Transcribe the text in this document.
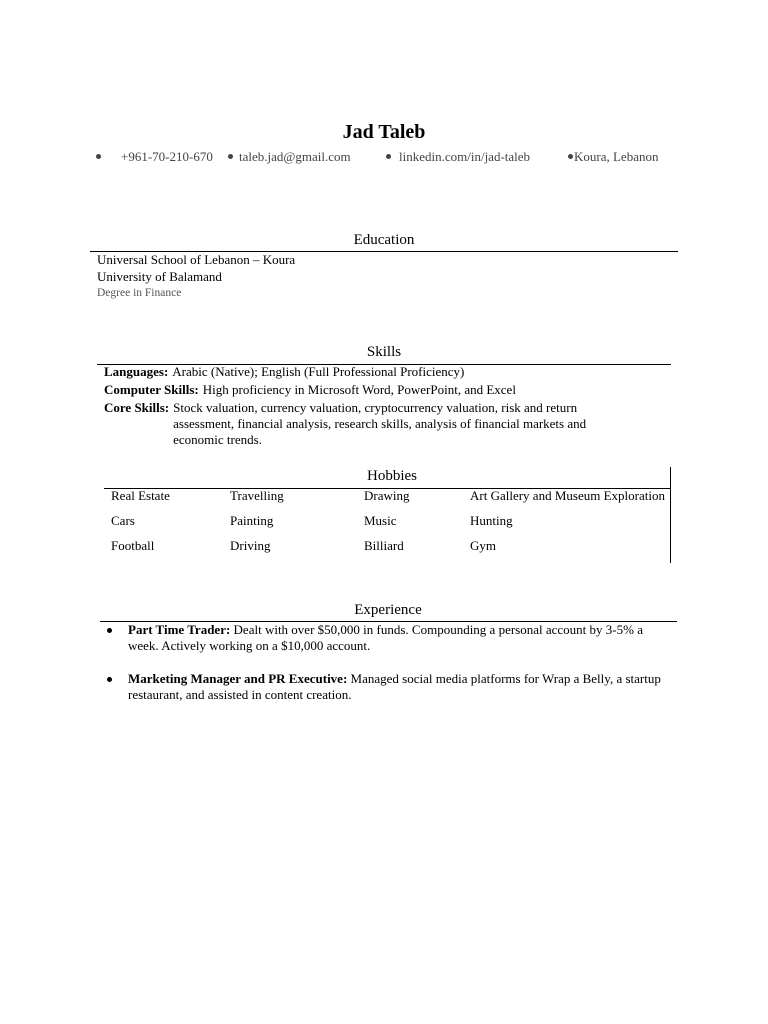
Jad Taleb
+961-70-210-670	taleb.jad@gmail.com	linkedin.com/in/jad-taleb	Koura, Lebanon
Education
Universal School of Lebanon – Koura
University of Balamand
Degree in Finance
Skills
Languages: Arabic (Native); English (Full Professional Proficiency)
Computer Skills: High proficiency in Microsoft Word, PowerPoint, and Excel
Core Skills: Stock valuation, currency valuation, cryptocurrency valuation, risk and return assessment, financial analysis, research skills, analysis of financial markets and economic trends.
Hobbies
Real Estate	Travelling	Drawing	Art Gallery and Museum Exploration
Cars	Painting	Music	Hunting
Football	Driving	Billiard	Gym
Experience
Part Time Trader: Dealt with over $50,000 in funds. Compounding a personal account by 3-5% a week. Actively working on a $10,000 account.
Marketing Manager and PR Executive: Managed social media platforms for Wrap a Belly, a startup restaurant, and assisted in content creation.
